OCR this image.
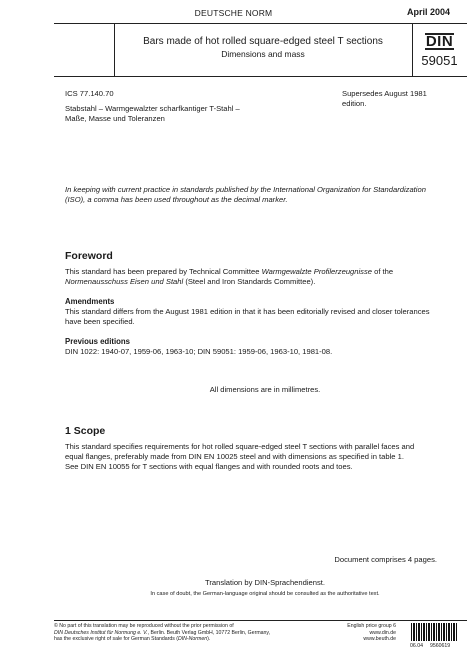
DEUTSCHE NORM	April 2004
Bars made of hot rolled square-edged steel T sections
Dimensions and mass
DIN
59051
ICS 77.140.70	Supersedes August 1981
edition.
Stabstahl – Warmgewalzter scharfkantiger T-Stahl –
Maße, Masse und Toleranzen
In keeping with current practice in standards published by the International Organization for Standardization
(ISO), a comma has been used throughout as the decimal marker.
Foreword
This standard has been prepared by Technical Committee Warmgewalzte Profilerzeugnisse of the
Normenausschuss Eisen und Stahl (Steel and Iron Standards Committee).
Amendments
This standard differs from the August 1981 edition in that it has been editorially revised and closer tolerances
have been specified.
Previous editions
DIN 1022: 1940-07, 1959-06, 1963-10; DIN 59051: 1959-06, 1963-10, 1981-08.
All dimensions are in millimetres.
1 Scope
This standard specifies requirements for hot rolled square-edged steel T sections with parallel faces and
equal flanges, preferably made from DIN EN 10025 steel and with dimensions as specified in table 1.
See DIN EN 10055 for T sections with equal flanges and with rounded roots and toes.
Document comprises 4 pages.
Translation by DIN-Sprachendienst.
In case of doubt, the German-language original should be consulted as the authoritative text.
© No part of this translation may be reproduced without the prior permission of
DIN Deutsches Institut für Normung e. V., Berlin. Beuth Verlag GmbH, 10772 Berlin, Germany,
has the exclusive right of sale for German Standards (DIN-Normen).
English price group 6
www.din.de
www.beuth.de
06.04 9560619
